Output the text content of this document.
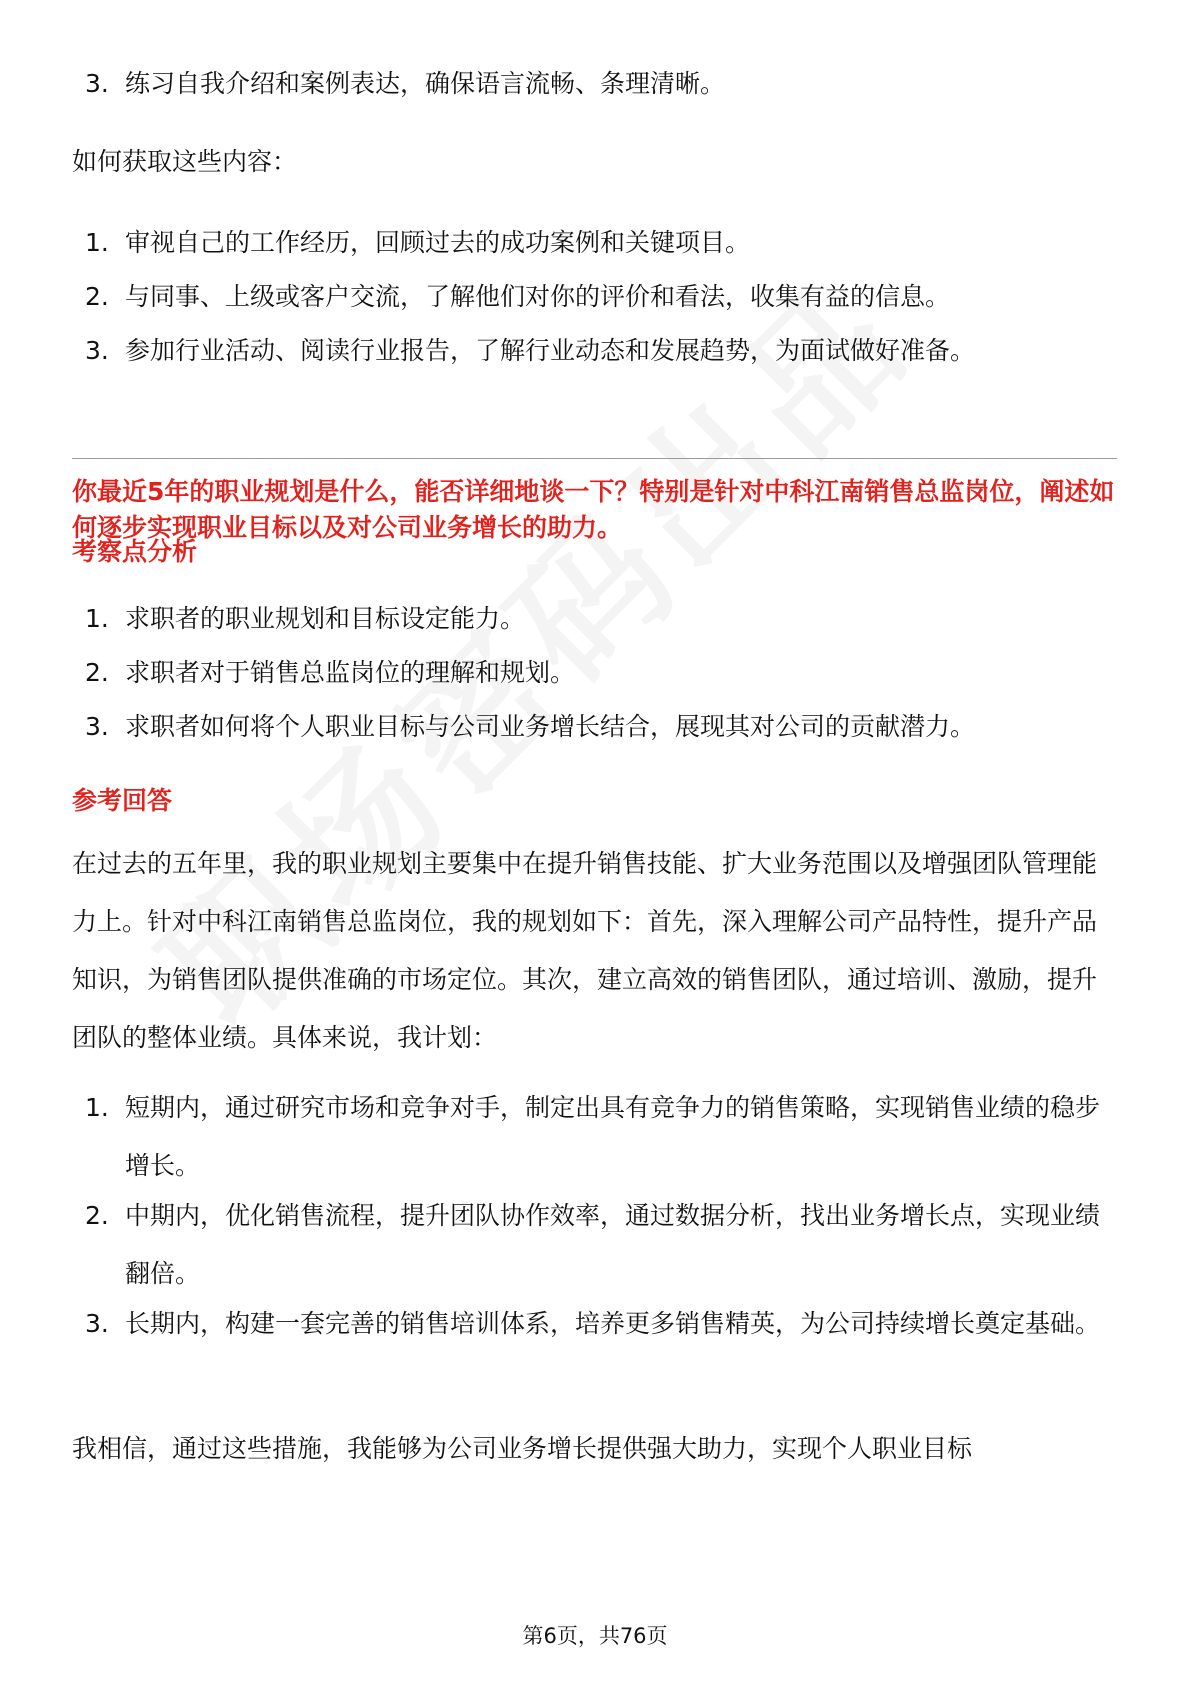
3. 练习自我介绍和案例表达，确保语言流畅、条理清晰。
如何获取这些内容：
1. 审视自己的工作经历，回顾过去的成功案例和关键项目。
2. 与同事、上级或客户交流，了解他们对你的评价和看法，收集有益的信息。
3. 参加行业活动、阅读行业报告，了解行业动态和发展趋势，为面试做好准备。
你最近5年的职业规划是什么，能否详细地谈一下？特别是针对中科江南销售总监岗位，阐述如何逐步实现职业目标以及对公司业务增长的助力。
考察点分析
1. 求职者的职业规划和目标设定能力。
2. 求职者对于销售总监岗位的理解和规划。
3. 求职者如何将个人职业目标与公司业务增长结合，展现其对公司的贡献潜力。
参考回答
在过去的五年里，我的职业规划主要集中在提升销售技能、扩大业务范围以及增强团队管理能力上。针对中科江南销售总监岗位，我的规划如下：首先，深入理解公司产品特性，提升产品知识，为销售团队提供准确的市场定位。其次，建立高效的销售团队，通过培训、激励，提升团队的整体业绩。具体来说，我计划：
1. 短期内，通过研究市场和竞争对手，制定出具有竞争力的销售策略，实现销售业绩的稳步增长。
2. 中期内，优化销售流程，提升团队协作效率，通过数据分析，找出业务增长点，实现业绩翻倍。
3. 长期内，构建一套完善的销售培训体系，培养更多销售精英，为公司持续增长奠定基础。
我相信，通过这些措施，我能够为公司业务增长提供强大助力，实现个人职业目标
第6页，共76页
